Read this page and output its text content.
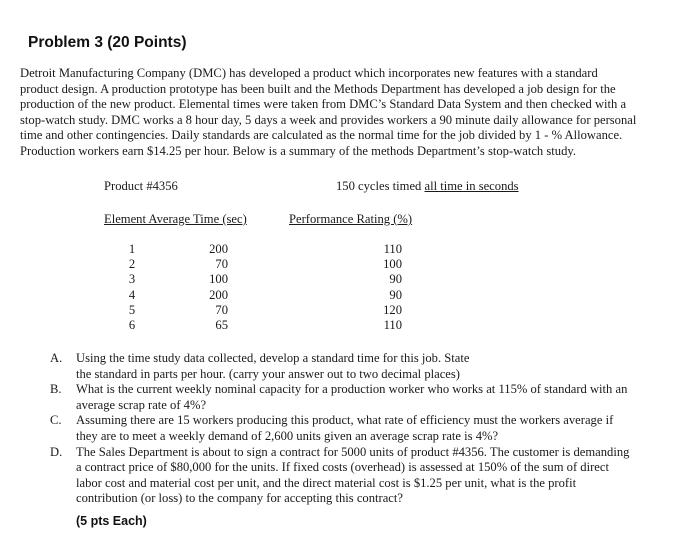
Problem 3 (20 Points)
Detroit Manufacturing Company (DMC) has developed a product which incorporates new features with a standard
product design. A production prototype has been built and the Methods Department has developed a job design for the
production of the new product. Elemental times were taken from DMC’s Standard Data System and then checked with a
stop-watch study. DMC works a 8 hour day, 5 days a week and provides workers a 90 minute daily allowance for personal
time and other contingencies. Daily standards are calculated as the normal time for the job divided by 1 - % Allowance.
Production workers earn $14.25 per hour. Below is a summary of the methods Department’s stop-watch study.
Product #4356	150 cycles timed all time in seconds
Element Average Time (sec)	Performance Rating (%)
1	200	110
2	70	100
3	100	90
4	200	90
5	70	120
6	65	110
A.	Using the time study data collected, develop a standard time for this job. State
the standard in parts per hour. (carry your answer out to two decimal places)
B.	What is the current weekly nominal capacity for a production worker who works at 115% of standard with an
average scrap rate of 4%?
C.	Assuming there are 15 workers producing this product, what rate of efficiency must the workers average if
they are to meet a weekly demand of 2,600 units given an average scrap rate is 4%?
D.	The Sales Department is about to sign a contract for 5000 units of product #4356. The customer is demanding
a contract price of $80,000 for the units. If fixed costs (overhead) is assessed at 150% of the sum of direct
labor cost and material cost per unit, and the direct material cost is $1.25 per unit, what is the profit
contribution (or loss) to the company for accepting this contract?
(5 pts Each)
